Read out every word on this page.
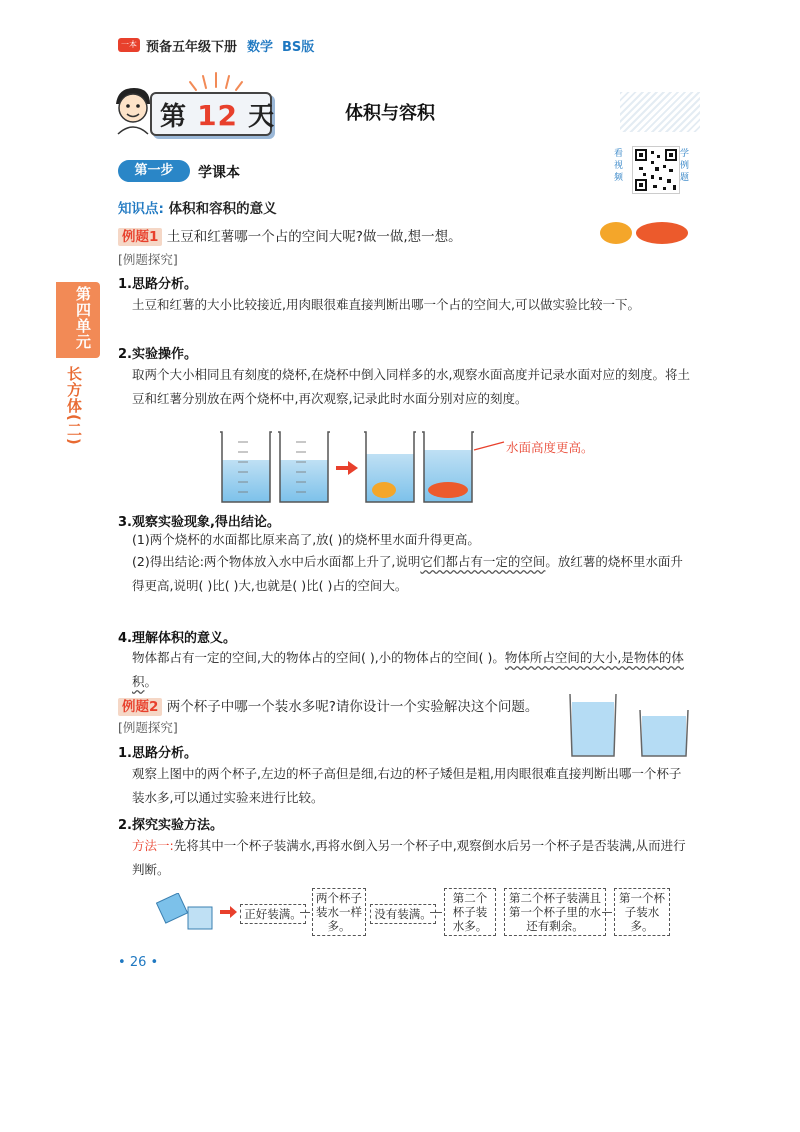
一本 预备五年级下册 数学 BS版
第 12 天	体积与容积
看视频
学例题
第一步	学课本
知识点: 体积和容积的意义
例题1 土豆和红薯哪一个占的空间大呢?做一做,想一想。
[例题探究]
1.思路分析。
土豆和红薯的大小比较接近,用肉眼很难直接判断出哪一个占的空间大,可以做实验比较一下。
2.实验操作。
取两个大小相同且有刻度的烧杯,在烧杯中倒入同样多的水,观察水面高度并记录水面对应的刻度。将土豆和红薯分别放在两个烧杯中,再次观察,记录此时水面分别对应的刻度。
第四单元
长方体(二)
水面高度更高。
3.观察实验现象,得出结论。
(1)两个烧杯的水面都比原来高了,放( )的烧杯里水面升得更高。
(2)得出结论:两个物体放入水中后水面都上升了,说明它们都占有一定的空间。放红薯的烧杯里水面升得更高,说明( )比( )大,也就是( )比( )占的空间大。
4.理解体积的意义。
物体都占有一定的空间,大的物体占的空间( ),小的物体占的空间( )。物体所占空间的大小,是物体的体积。
例题2 两个杯子中哪一个装水多呢?请你设计一个实验解决这个问题。
[例题探究]
1.思路分析。
观察上图中的两个杯子,左边的杯子高但是细,右边的杯子矮但是粗,用肉眼很难直接判断出哪一个杯子装水多,可以通过实验来进行比较。
2.探究实验方法。
方法一:先将其中一个杯子装满水,再将水倒入另一个杯子中,观察倒水后另一个杯子是否装满,从而进行判断。
正好装满。
两个杯子装水一样多。
没有装满。
第二个杯子装水多。
第二个杯子装满且第一个杯子里的水还有剩余。
第一个杯子装水多。
• 26 •
